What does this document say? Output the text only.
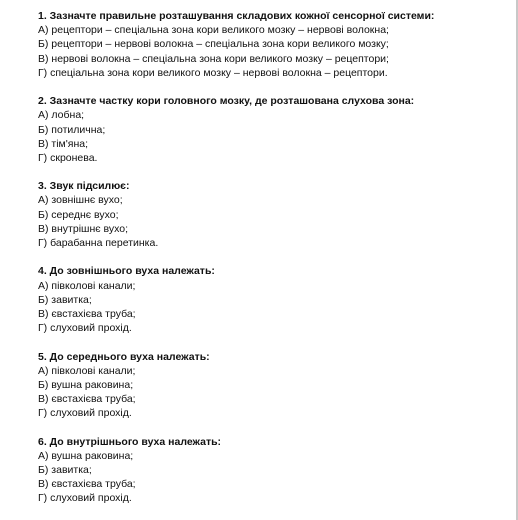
1. Зазначте правильне розташування складових кожної сенсорної системи:
А) рецептори – спеціальна зона кори великого мозку – нервові волокна;
Б) рецептори – нервові волокна – спеціальна зона кори великого мозку;
В) нервові волокна – спеціальна зона кори великого мозку – рецептори;
Г) спеціальна зона кори великого мозку – нервові волокна – рецептори.
2. Зазначте частку кори головного мозку, де розташована слухова зона:
А) лобна;
Б) потилична;
В) тім'яна;
Г) скронева.
3. Звук підсилює:
А) зовнішнє вухо;
Б) середнє вухо;
В) внутрішнє вухо;
Г) барабанна перетинка.
4. До зовнішнього вуха належать:
А) півколові канали;
Б) завитка;
В) євстахієва труба;
Г) слуховий прохід.
5. До середнього вуха належать:
А) півколові канали;
Б) вушна раковина;
В) євстахієва труба;
Г) слуховий прохід.
6. До внутрішнього вуха належать:
А) вушна раковина;
Б) завитка;
В) євстахієва труба;
Г) слуховий прохід.
